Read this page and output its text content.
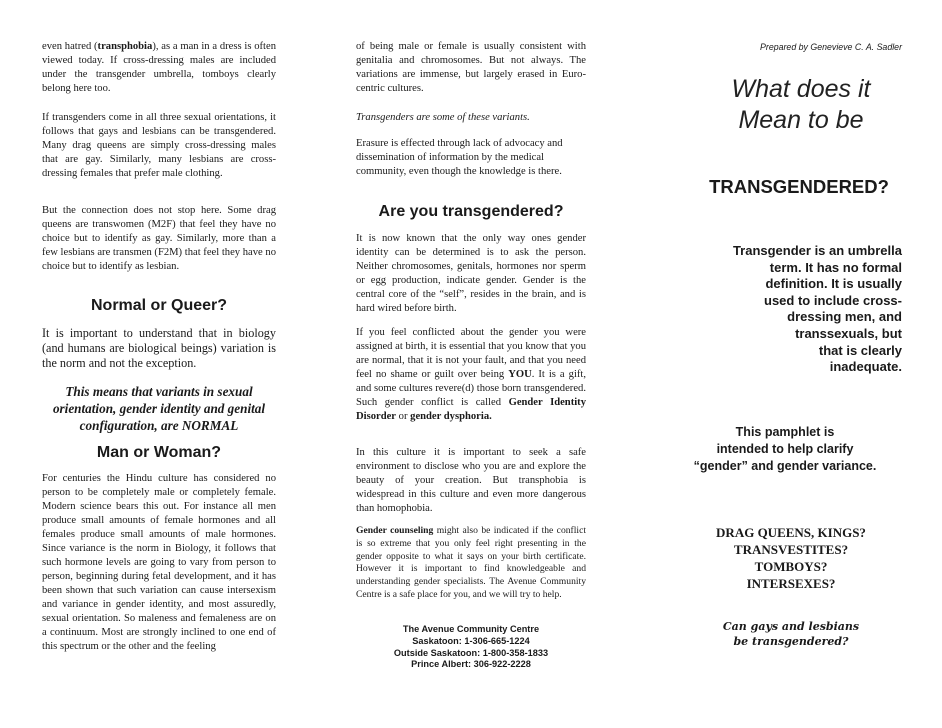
even hatred (transphobia), as a man in a dress is often viewed today. If cross-dressing males are included under the transgender umbrella, tomboys clearly belong here too.

If transgenders come in all three sexual orientations, it follows that gays and lesbians can be transgendered. Many drag queens are simply cross-dressing males that are gay. Similarly, many lesbians are cross-dressing females that prefer male clothing.

But the connection does not stop here. Some drag queens are transwomen (M2F) that feel they have no choice but to identify as gay. Similarly, more than a few lesbians are transmen (F2M) that feel they have no choice but to identify as lesbian.

Normal or Queer?

It is important to understand that in biology (and humans are biological beings) variation is the norm and not the exception.

This means that variants in sexual orientation, gender identity and genital configuration, are NORMAL

Man or Woman?

For centuries the Hindu culture has considered no person to be completely male or completely female. Modern science bears this out. For instance all men produce small amounts of female hormones and all females produce small amounts of male hormones. Since variance is the norm in Biology, it follows that such hormone levels are going to vary from person to person, beginning during fetal development, and it has been shown that such variation can cause intersexism and variance in gender identity, and most assuredly, sexual orientation. So maleness and femaleness are on a continuum. Most are strongly inclined to one end of this spectrum or the other and the feeling

of being male or female is usually consistent with genitalia and chromosomes. But not always. The variations are immense, but largely erased in Euro-centric cultures.

Transgenders are some of these variants.

Erasure is effected through lack of advocacy and dissemination of information by the medical community, even though the knowledge is there.

Are you transgendered?

It is now known that the only way ones gender identity can be determined is to ask the person. Neither chromosomes, genitals, hormones nor sperm or egg production, indicate gender. Gender is the central core of the “self”, resides in the brain, and is hard wired before birth.

If you feel conflicted about the gender you were assigned at birth, it is essential that you know that you are normal, that it is not your fault, and that you need feel no shame or guilt over being YOU. It is a gift, and some cultures revere(d) those born transgendered. Such gender conflict is called Gender Identity Disorder or gender dysphoria.

In this culture it is important to seek a safe environment to disclose who you are and explore the beauty of your creation. But transphobia is widespread in this culture and even more dangerous than homophobia.

Gender counseling might also be indicated if the conflict is so extreme that you only feel right presenting in the gender opposite to what it says on your birth certificate. However it is important to find knowledgeable and understanding gender specialists. The Avenue Community Centre is a safe place for you, and we will try to help.

The Avenue Community Centre
Saskatoon: 1-306-665-1224
Outside Saskatoon: 1-800-358-1833
Prince Albert: 306-922-2228
Prepared by Genevieve C. A. Sadler
What does it
Mean to be
TRANSGENDERED?
Transgender is an umbrella
term. It has no formal
definition. It is usually
used to include cross-
dressing men, and
transsexuals, but
that is clearly
inadequate.
This pamphlet is
intended to help clarify
“gender” and gender variance.
DRAG QUEENS, KINGS?
TRANSVESTITES?
TOMBOYS?
INTERSEXES?
Can gays and lesbians
be transgendered?
